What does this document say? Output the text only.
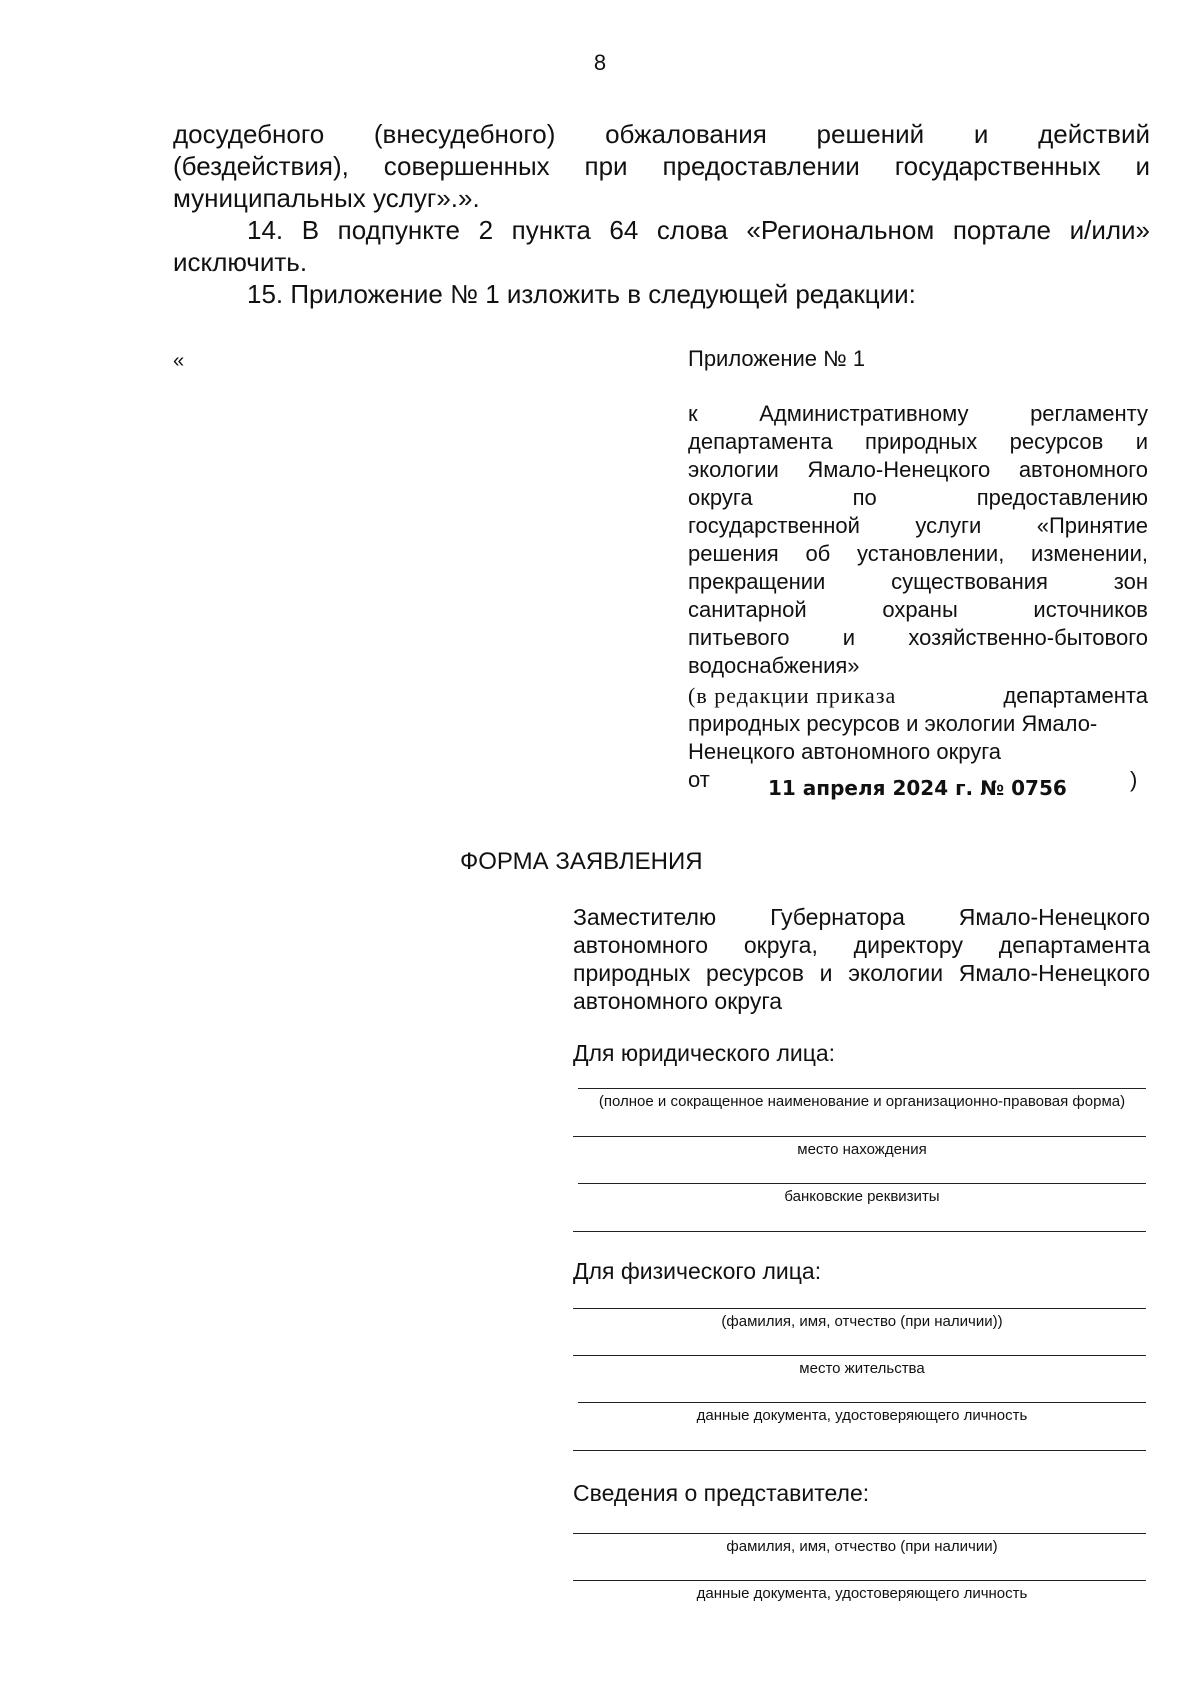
8
досудебного (внесудебного) обжалования решений и действий
(бездействия), совершенных при предоставлении государственных и
муниципальных услуг».».
14. В подпункте 2 пункта 64 слова «Региональном портале и/или»
исключить.
15. Приложение № 1 изложить в следующей редакции:
«	Приложение № 1
к Административному регламенту
департамента природных ресурсов и
экологии Ямало-Ненецкого автономного
округа по предоставлению
государственной услуги «Принятие
решения об установлении, изменении,
прекращении существования зон
санитарной охраны источников
питьевого и хозяйственно-бытового
водоснабжения»
(в редакции приказа	департамента
природных ресурсов и экологии Ямало-
Ненецкого автономного округа
от	11 апреля 2024 г. № 0756	)
ФОРМА ЗАЯВЛЕНИЯ
Заместителю Губернатора Ямало-Ненецкого
автономного округа, директору департамента
природных ресурсов и экологии Ямало-Ненецкого
автономного округа
Для юридического лица:
(полное и сокращенное наименование и организационно-правовая форма)
место нахождения
банковские реквизиты
Для физического лица:
(фамилия, имя, отчество (при наличии))
место жительства
данные документа, удостоверяющего личность
Сведения о представителе:
фамилия, имя, отчество (при наличии)
данные документа, удостоверяющего личность
